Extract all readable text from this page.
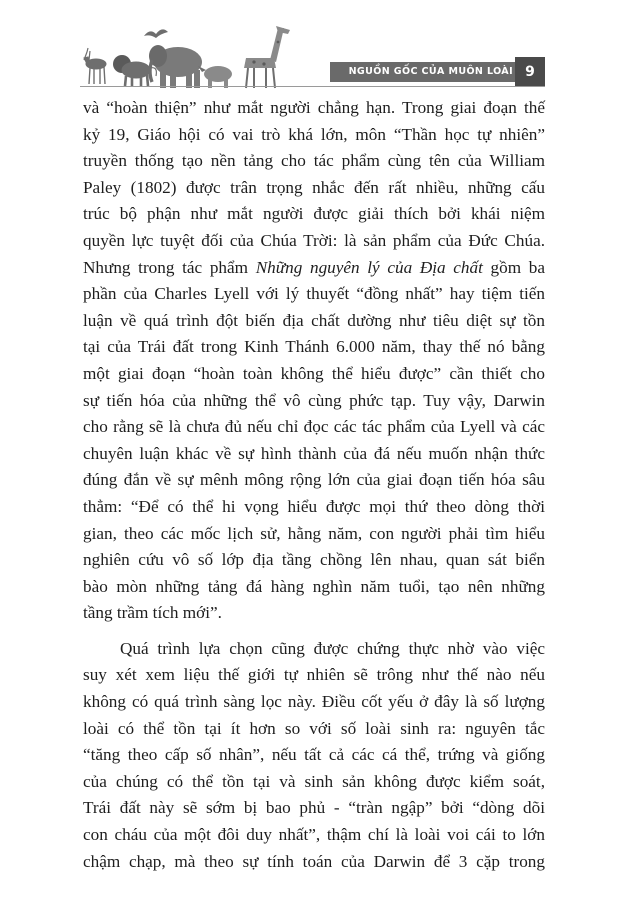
NGUỒN GỐC CỦA MUÔN LOÀI 9
và “hoàn thiện” như mắt người chẳng hạn. Trong giai đoạn thế
kỷ 19, Giáo hội có vai trò khá lớn, môn “Thần học tự nhiên”
truyền thống tạo nền tảng cho tác phẩm cùng tên của William
Paley (1802) được trân trọng nhắc đến rất nhiều, những cấu
trúc bộ phận như mắt người được giải thích bởi khái niệm
quyền lực tuyệt đối của Chúa Trời: là sản phẩm của Đức Chúa.
Nhưng trong tác phẩm Những nguyên lý của Địa chất gồm ba
phần của Charles Lyell với lý thuyết “đồng nhất” hay tiệm tiến
luận về quá trình đột biến địa chất dường như tiêu diệt sự tồn
tại của Trái đất trong Kinh Thánh 6.000 năm, thay thế nó bằng
một giai đoạn “hoàn toàn không thể hiểu được” cần thiết cho
sự tiến hóa của những thể vô cùng phức tạp. Tuy vậy, Darwin
cho rằng sẽ là chưa đủ nếu chỉ đọc các tác phẩm của Lyell và các
chuyên luận khác về sự hình thành của đá nếu muốn nhận thức
đúng đắn về sự mênh mông rộng lớn của giai đoạn tiến hóa sâu
thẳm: “Để có thể hi vọng hiểu được mọi thứ theo dòng thời
gian, theo các mốc lịch sử, hằng năm, con người phải tìm hiểu
nghiên cứu vô số lớp địa tầng chồng lên nhau, quan sát biển
bào mòn những tảng đá hàng nghìn năm tuổi, tạo nên những
tầng trầm tích mới”.
Quá trình lựa chọn cũng được chứng thực nhờ vào việc
suy xét xem liệu thế giới tự nhiên sẽ trông như thế nào nếu
không có quá trình sàng lọc này. Điều cốt yếu ở đây là số lượng
loài có thể tồn tại ít hơn so với số loài sinh ra: nguyên tắc
“tăng theo cấp số nhân”, nếu tất cả các cá thể, trứng và giống
của chúng có thể tồn tại và sinh sản không được kiểm soát,
Trái đất này sẽ sớm bị bao phủ - “tràn ngập” bởi “dòng dõi
con cháu của một đôi duy nhất”, thậm chí là loài voi cái to lớn
chậm chạp, mà theo sự tính toán của Darwin để 3 cặp trong
